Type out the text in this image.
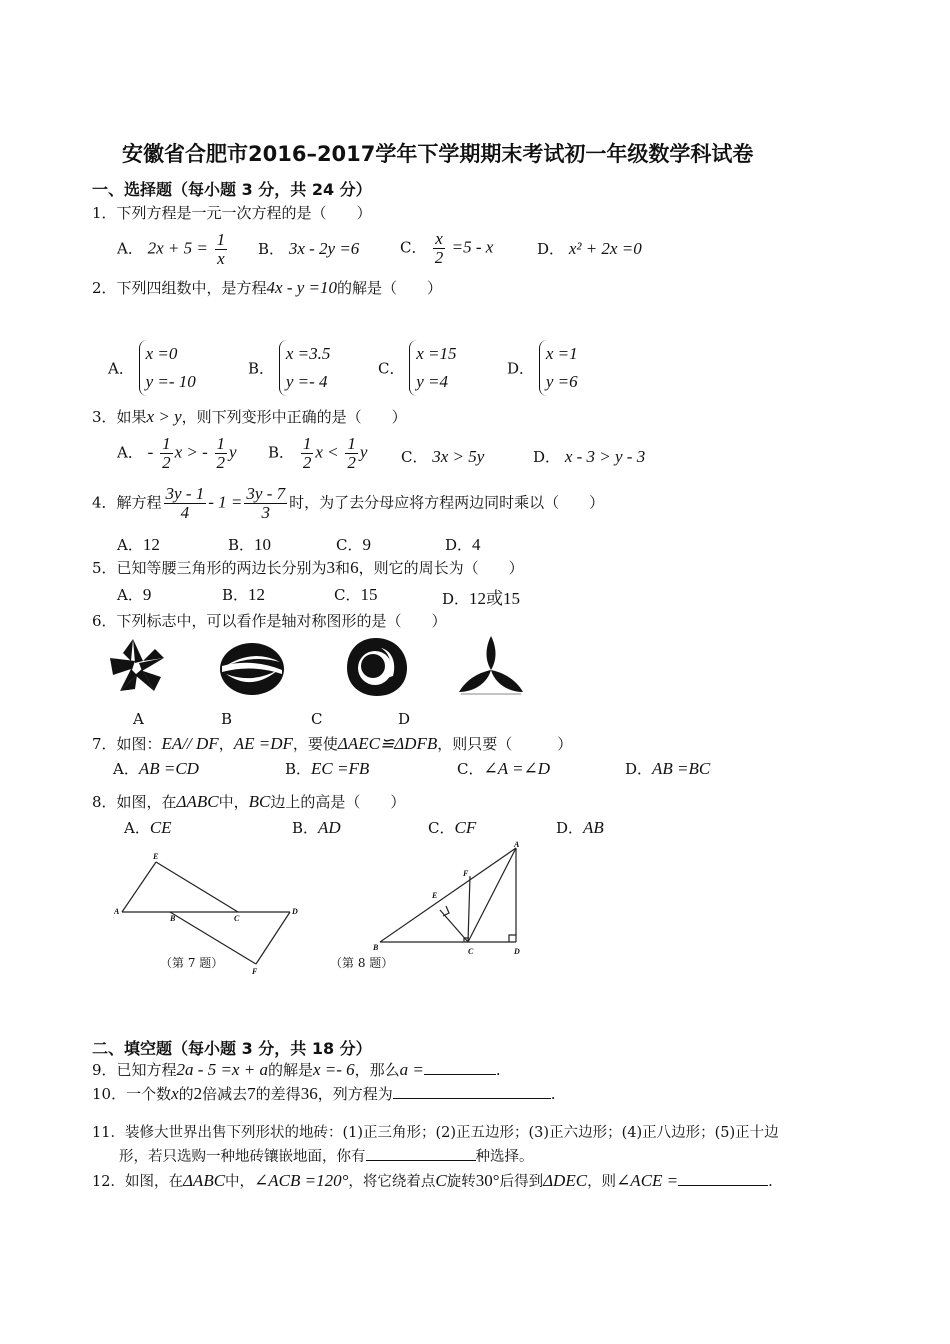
安徽省合肥市2016–2017学年下学期期末考试初一年级数学科试卷
一、选择题（每小题 3 分，共 24 分）
1．下列方程是一元一次方程的是（　　）
A． $2x + 5 = \frac{1}{x}$ B． 3x - 2y =6	C． $\frac{x}{2} =5 - x$	D． x² + 2x =0
2．下列四组数中，是方程4x - y =10的解是（　　）
A． x =0
y =- 10
B． x =3.5
y =- 4
C． x =15
y =4
D． x =1
y =6
3．如果x > y，则下列变形中正确的是（　　）
A． - $\frac{1}{2}$ x > - $\frac{1}{2}$ y B． $\frac{1}{2}$ $x < \frac{1}{2}$ y C． 3x > 5y	D． x - 3 > y - 3
4．解方程 $\frac{3y - 1}{4} - 1 = \frac{3y - 7}{3}$ 时，为了去分母应将方程两边同时乘以（　　）
A．12	B．10	C．9	D．4
5．已知等腰三角形的两边长分别为3和6，则它的周长为（　　）
A．9	B．12	C．15	D．12或15
6．下列标志中，可以看作是轴对称图形的是（　　）
A	B	C	D
7．如图：EA// DF，AE =DF，要使ΔAEC≌ΔDFB，则只要（　　　）
A．AB =CD	B．EC =FB	C．∠A =∠D	D．AB =BC
8．如图，在ΔABC中，BC边上的高是（　　）
A．CE	B．AD	C．CF	D．AB
E
A
B	C
D
F
（第 7 题）
A
F
E
B	C	D
（第 8 题）
二、填空题（每小题 3 分，共 18 分）
9．已知方程2a - 5 =x + a的解是x =- 6，那么a =	.
10．一个数x的2倍减去7的差得36，列方程为	.
11．装修大世界出售下列形状的地砖：(1)正三角形；(2)正五边形；(3)正六边形；(4)正八边形；(5)正十边
形，若只选购一种地砖镶嵌地面，你有	种选择。
12．如图，在ΔABC中，∠ACB =120°，将它绕着点C旋转30°后得到ΔDEC，则∠ACE =	.
